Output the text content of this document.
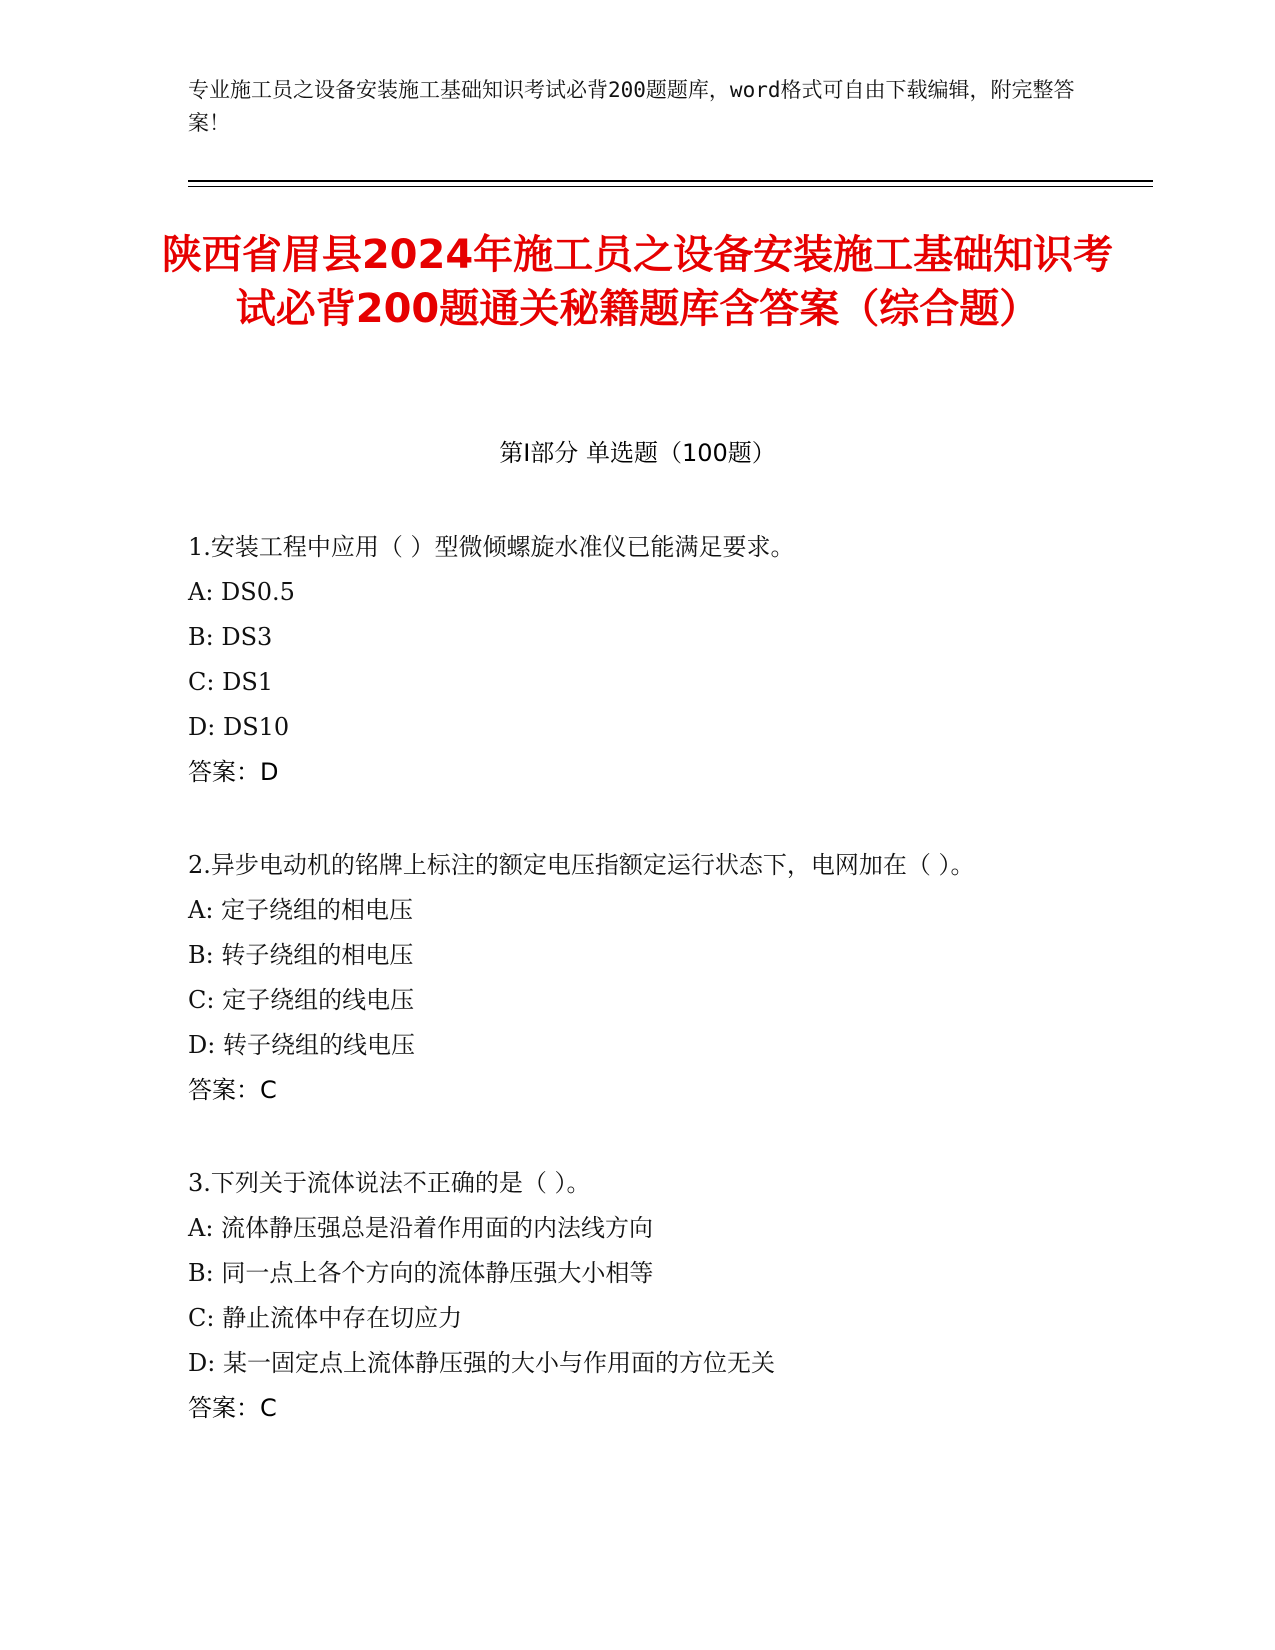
专业施工员之设备安装施工基础知识考试必背200题题库，word格式可自由下载编辑，附完整答案！
陕西省眉县2024年施工员之设备安装施工基础知识考试必背200题通关秘籍题库含答案（综合题）
第I部分 单选题（100题）
1.安装工程中应用（ ）型微倾螺旋水准仪已能满足要求。
A: DS0.5
B: DS3
C: DS1
D: DS10
答案：D
2.异步电动机的铭牌上标注的额定电压指额定运行状态下，电网加在（ ）。
A: 定子绕组的相电压
B: 转子绕组的相电压
C: 定子绕组的线电压
D: 转子绕组的线电压
答案：C
3.下列关于流体说法不正确的是（ ）。
A: 流体静压强总是沿着作用面的内法线方向
B: 同一点上各个方向的流体静压强大小相等
C: 静止流体中存在切应力
D: 某一固定点上流体静压强的大小与作用面的方位无关
答案：C
